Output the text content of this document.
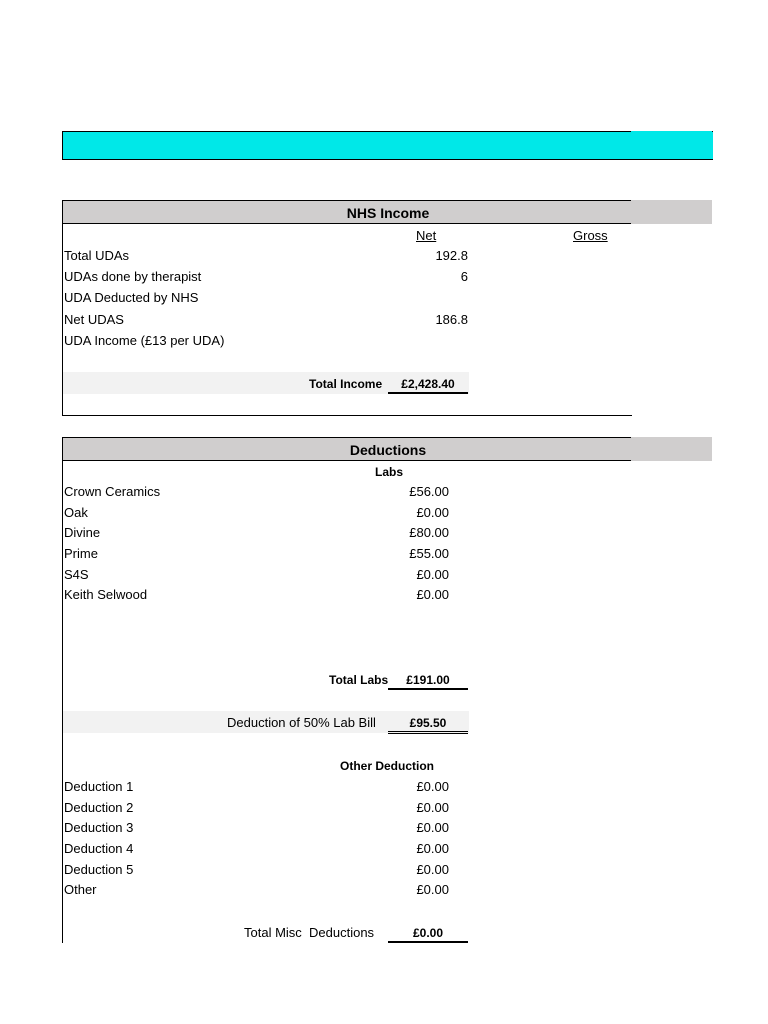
NHS Income
Net	Gross
Total UDAs	192.8
UDAs done by therapist	6
UDA Deducted by NHS
Net UDAS	186.8
UDA Income (£13 per UDA)
Total Income	£2,428.40
Deductions
Labs
Crown Ceramics	£56.00
Oak	£0.00
Divine	£80.00
Prime	£55.00
S4S	£0.00
Keith Selwood	£0.00
Total Labs	£191.00
Deduction of 50% Lab Bill	£95.50
Other Deduction
Deduction 1	£0.00
Deduction 2	£0.00
Deduction 3	£0.00
Deduction 4	£0.00
Deduction 5	£0.00
Other	£0.00
Total Misc  Deductions	£0.00
